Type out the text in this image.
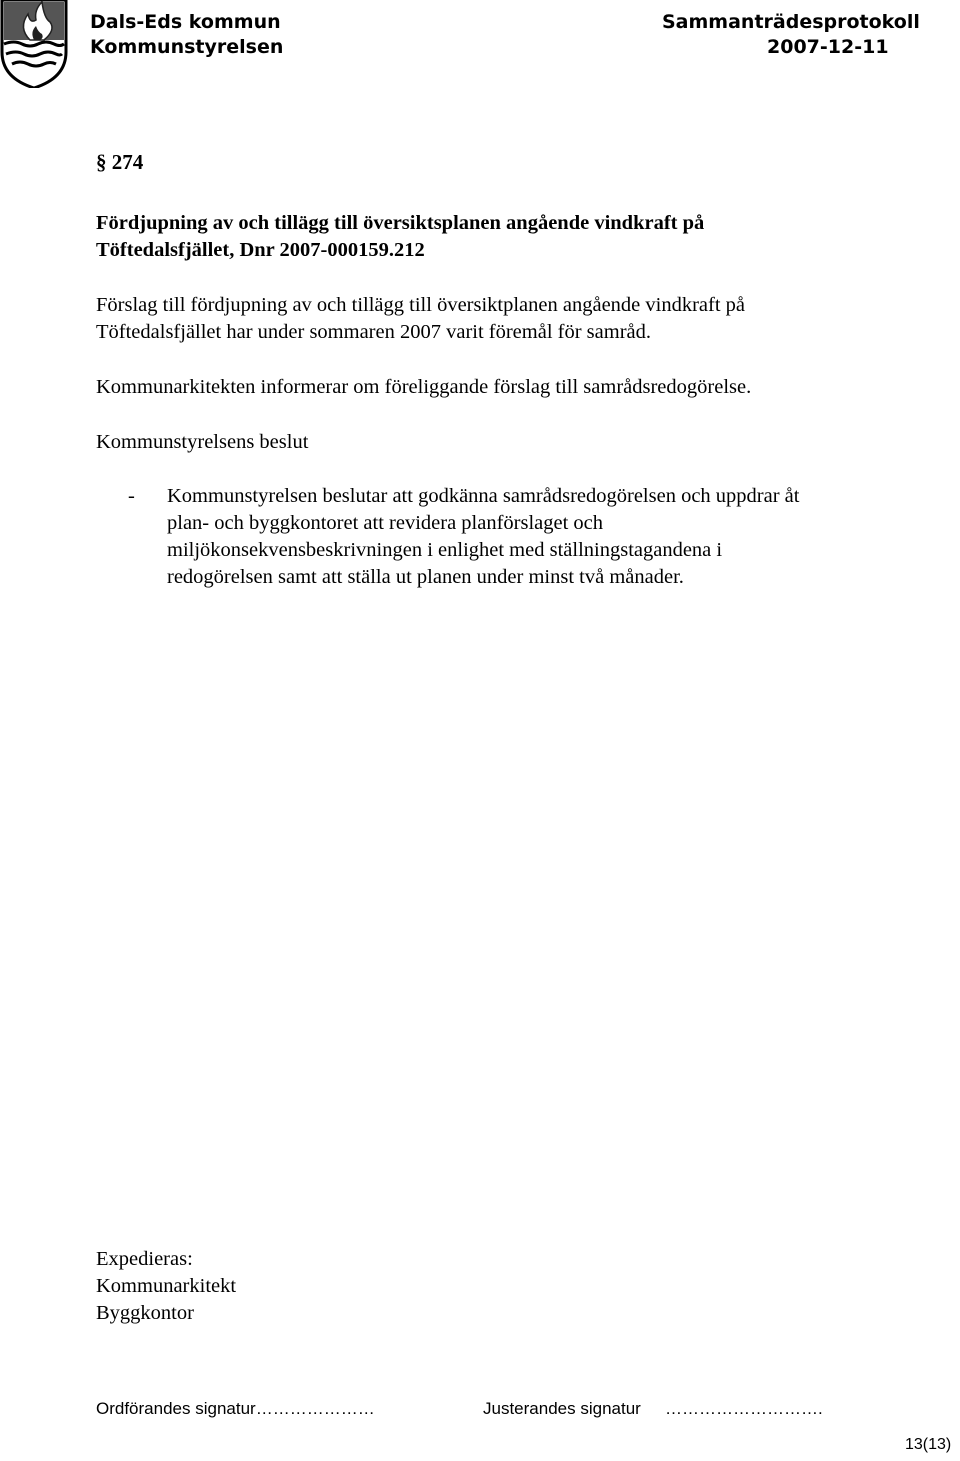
Dals-Eds kommun
Kommunstyrelsen
Sammanträdesprotokoll
2007-12-11
§ 274
Fördjupning av och tillägg till översiktsplanen angående vindkraft på
Töftedalsfjället, Dnr 2007-000159.212
Förslag till fördjupning av och tillägg till översiktplanen angående vindkraft på
Töftedalsfjället har under sommaren 2007 varit föremål för samråd.
Kommunarkitekten informerar om föreliggande förslag till samrådsredogörelse.
Kommunstyrelsens beslut
- Kommunstyrelsen beslutar att godkänna samrådsredogörelsen och uppdrar åt
plan- och byggkontoret att revidera planförslaget och
miljökonsekvensbeskrivningen i enlighet med ställningstagandena i
redogörelsen samt att ställa ut planen under minst två månader.
Expedieras:
Kommunarkitekt
Byggkontor
Ordförandes signatur…………………	Justerandes signatur ……………………….
13(13)
